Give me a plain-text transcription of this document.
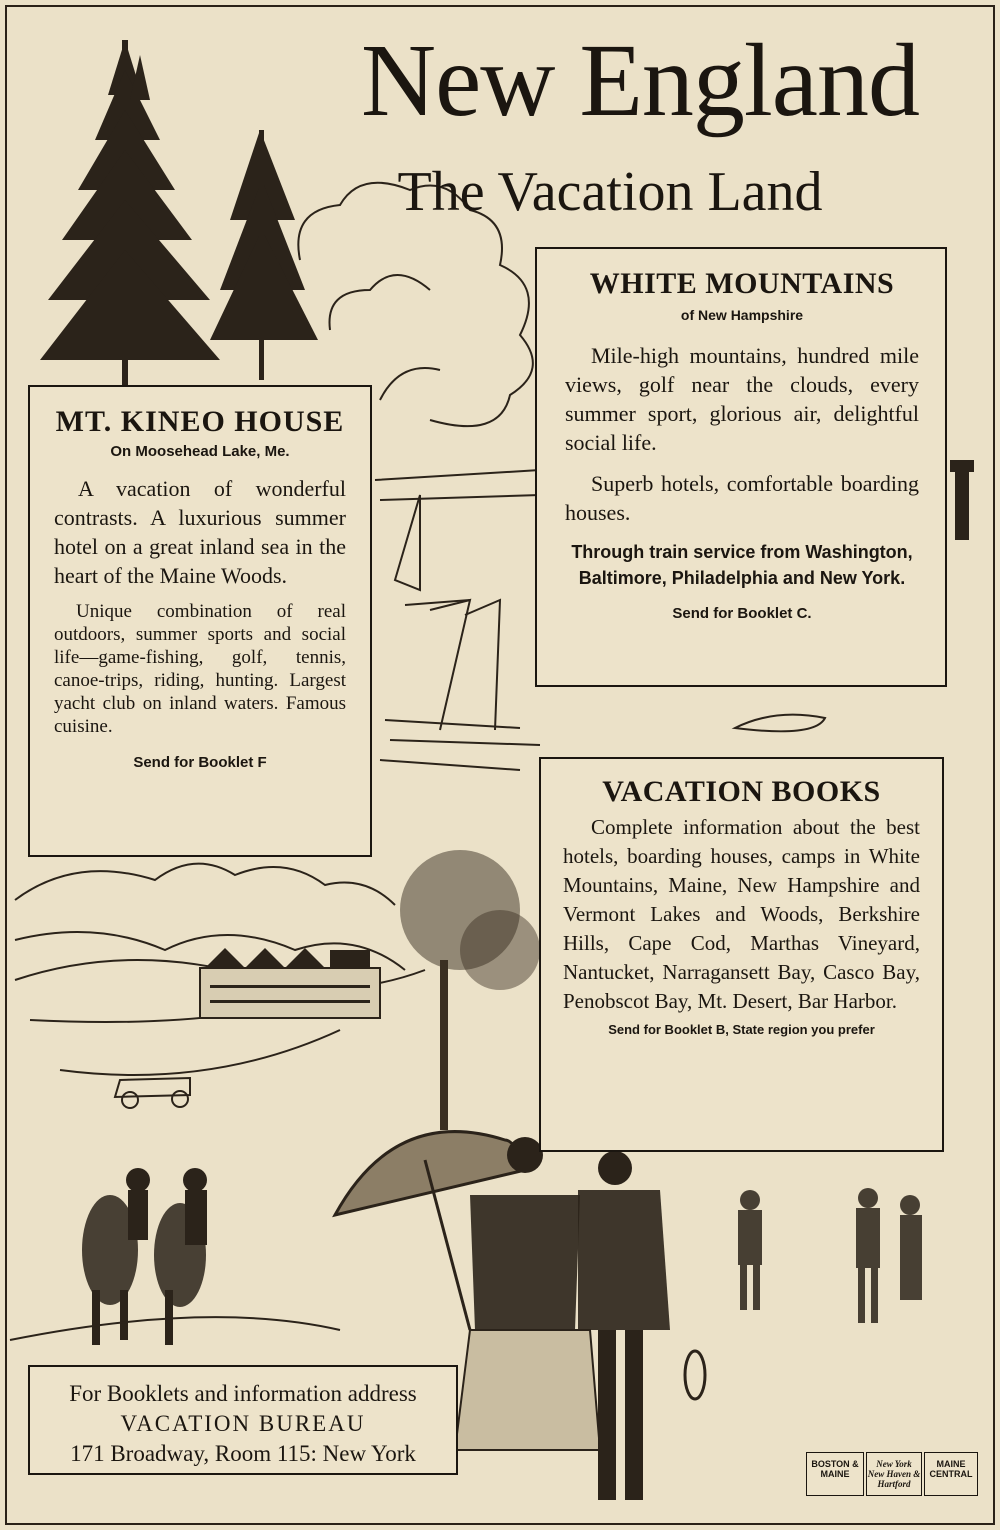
New England
The Vacation Land
MT. KINEO HOUSE
On Moosehead Lake, Me.

A vacation of wonderful contrasts. A luxurious summer hotel on a great inland sea in the heart of the Maine Woods.

Unique combination of real outdoors, summer sports and social life—game-fishing, golf, tennis, canoe-trips, riding, hunting. Largest yacht club on inland waters. Famous cuisine.

Send for Booklet F
WHITE MOUNTAINS
of New Hampshire

Mile-high mountains, hundred mile views, golf near the clouds, every summer sport, glorious air, delightful social life.

Superb hotels, comfortable boarding houses.

Through train service from Washington, Baltimore, Philadelphia and New York.

Send for Booklet C.
VACATION BOOKS

Complete information about the best hotels, boarding houses, camps in White Mountains, Maine, New Hampshire and Vermont Lakes and Woods, Berkshire Hills, Cape Cod, Marthas Vineyard, Nantucket, Narragansett Bay, Casco Bay, Penobscot Bay, Mt. Desert, Bar Harbor.

Send for Booklet B, State region you prefer
For Booklets and information address
VACATION BUREAU
171 Broadway, Room 115: New York	BOSTON & MAINE
New York New Haven & Hartford
MAINE CENTRAL
